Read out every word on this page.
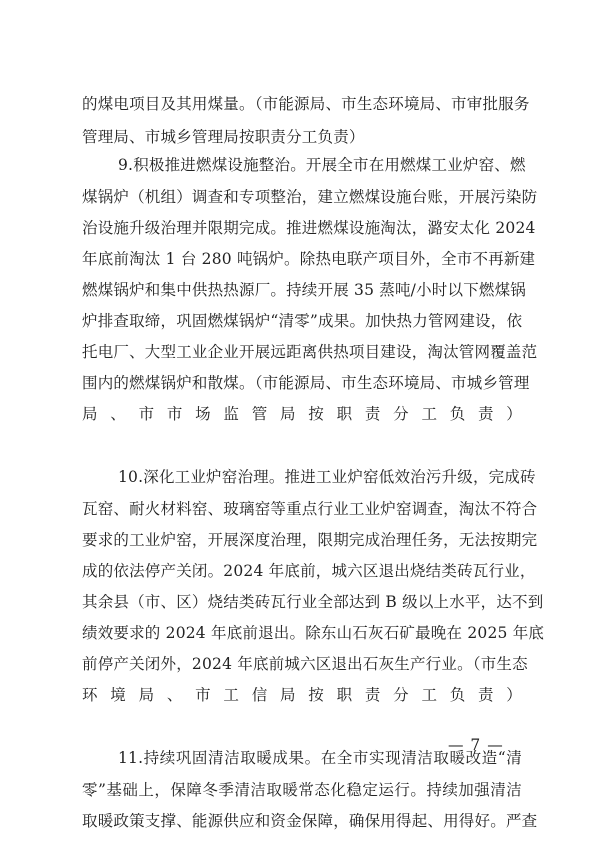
的煤电项目及其用煤量。（市能源局、市生态环境局、市审批服务
管理局、市城乡管理局按职责分工负责）
9.积极推进燃煤设施整治。开展全市在用燃煤工业炉窑、燃
煤锅炉（机组）调查和专项整治，建立燃煤设施台账，开展污染防
治设施升级治理并限期完成。推进燃煤设施淘汰，潞安太化 2024
年底前淘汰 1 台 280 吨锅炉。除热电联产项目外，全市不再新建
燃煤锅炉和集中供热热源厂。持续开展 35 蒸吨/小时以下燃煤锅
炉排查取缔，巩固燃煤锅炉“清零”成果。加快热力管网建设，依
托电厂、大型工业企业开展远距离供热项目建设，淘汰管网覆盖范
围内的燃煤锅炉和散煤。（市能源局、市生态环境局、市城乡管理
局、市市场监管局按职责分工负责）
10.深化工业炉窑治理。推进工业炉窑低效治污升级，完成砖
瓦窑、耐火材料窑、玻璃窑等重点行业工业炉窑调查，淘汰不符合
要求的工业炉窑，开展深度治理，限期完成治理任务，无法按期完
成的依法停产关闭。2024 年底前，城六区退出烧结类砖瓦行业，
其余县（市、区）烧结类砖瓦行业全部达到 B 级以上水平，达不到
绩效要求的 2024 年底前退出。除东山石灰石矿最晚在 2025 年底
前停产关闭外，2024 年底前城六区退出石灰生产行业。（市生态
环境局、市工信局按职责分工负责）
11.持续巩固清洁取暖成果。在全市实现清洁取暖改造“清
零”基础上，保障冬季清洁取暖常态化稳定运行。持续加强清洁
取暖政策支撑、能源供应和资金保障，确保用得起、用得好。严查
— 7 —
